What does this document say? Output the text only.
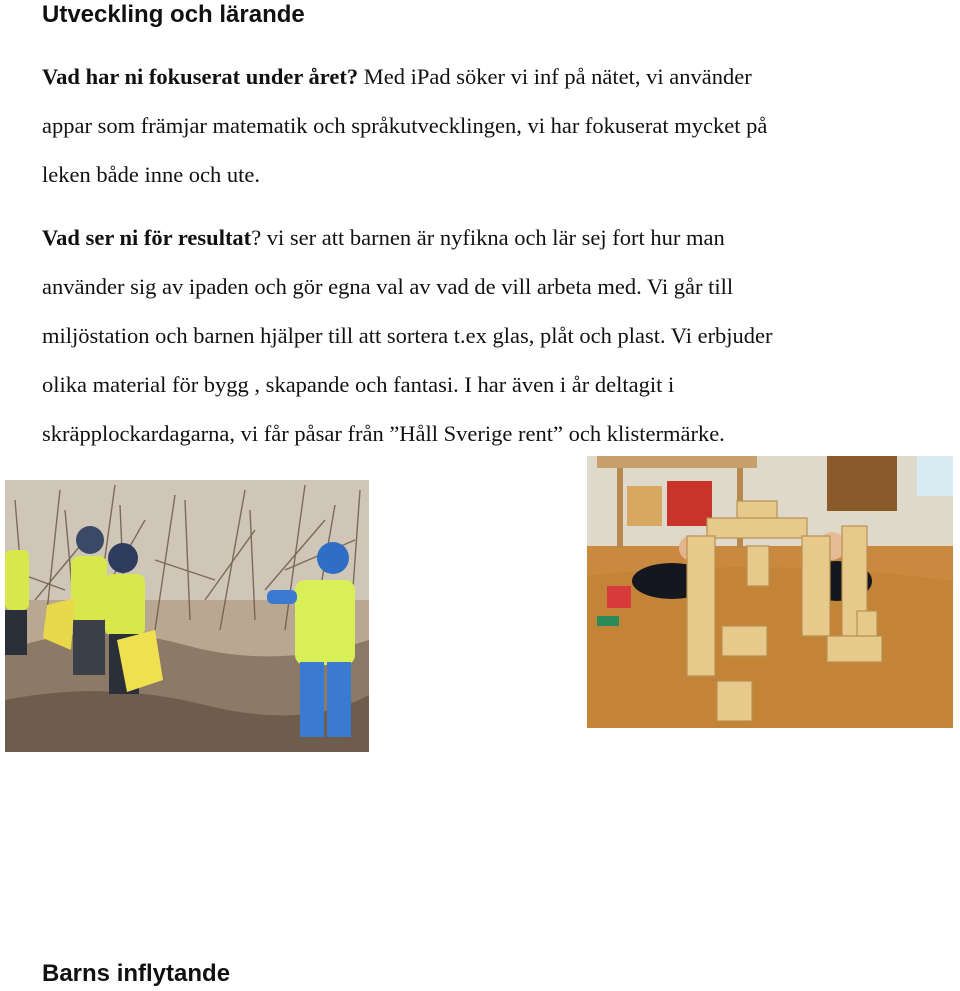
Utveckling och lärande
Vad har ni fokuserat under året? Med iPad söker vi inf på nätet, vi använder
appar som främjar matematik och språkutvecklingen, vi har fokuserat mycket på
leken både inne och ute.
Vad ser ni för resultat? vi ser att barnen är nyfikna och lär sej fort hur man
använder sig av ipaden och gör egna val av vad de vill arbeta med. Vi går till
miljöstation och barnen hjälper till att sortera t.ex glas, plåt och plast. Vi erbjuder
olika material för bygg , skapande och fantasi. I har även i år deltagit i
skräpplockardagarna, vi får påsar från ”Håll Sverige rent” och klistermärke.
Barns inflytande
